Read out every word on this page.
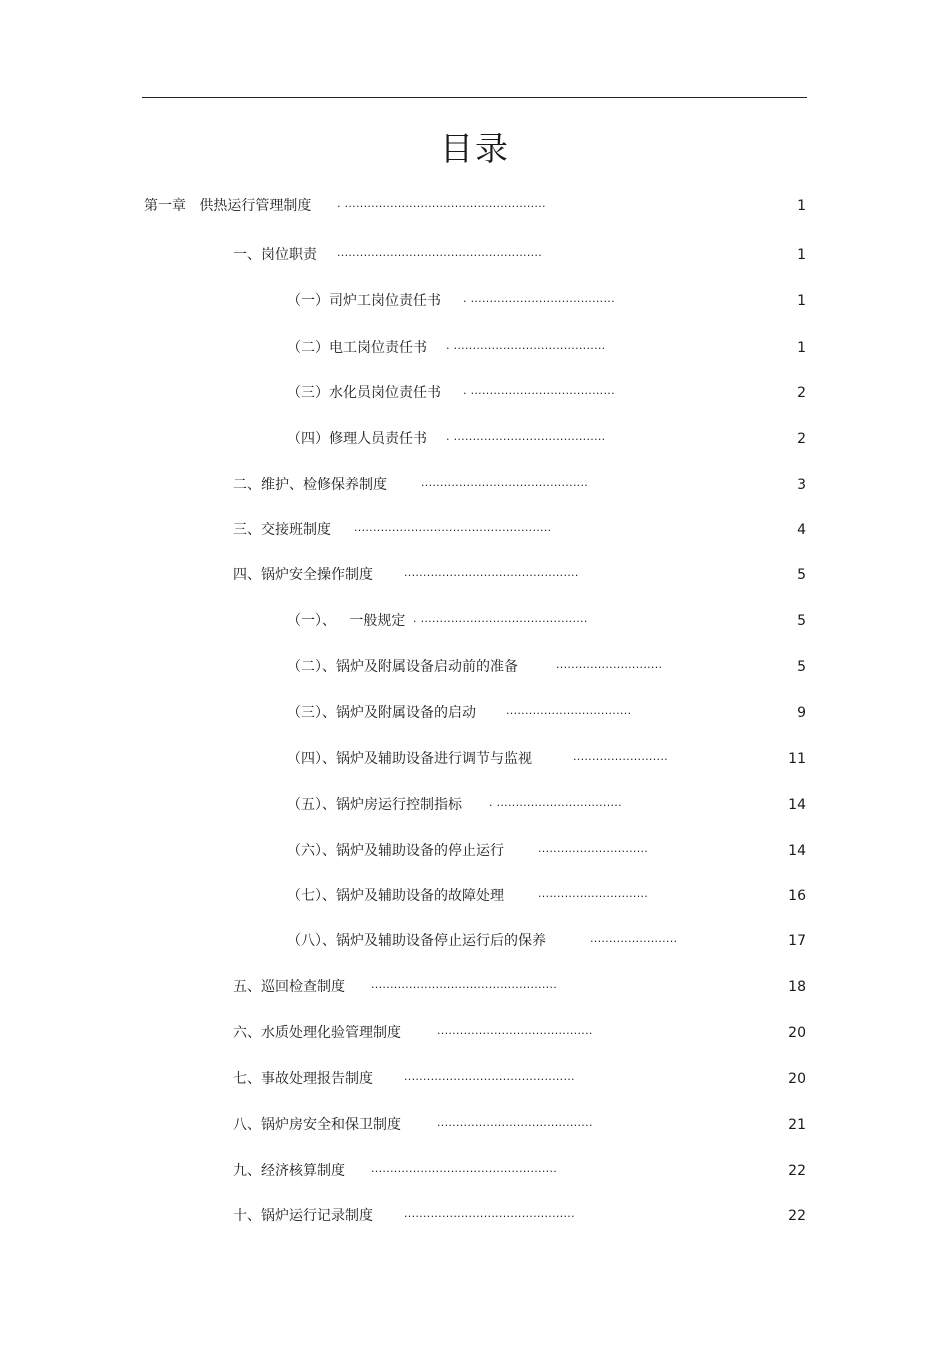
目录
第一章   供热运行管理制度 . .....................................................	1
一、岗位职责 ......................................................	1
（一）司炉工岗位责任书 . ......................................	1
（二）电工岗位责任书 . ........................................	1
（三）水化员岗位责任书 . ......................................	2
（四）修理人员责任书 . ........................................	2
二、维护、检修保养制度	............................................	3
三、交接班制度 ....................................................	4
四、锅炉安全操作制度	..............................................	5
（一）、   一般规定 . ............................................	5
（二）、锅炉及附属设备启动前的准备	............................	5
（三）、锅炉及附属设备的启动	.................................	9
（四）、锅炉及辅助设备进行调节与监视	.........................	11
（五）、锅炉房运行控制指标 . .................................	14
（六）、锅炉及辅助设备的停止运行	.............................	14
（七）、锅炉及辅助设备的故障处理	.............................	16
（八）、锅炉及辅助设备停止运行后的保养	.......................	17
五、巡回检查制度 .................................................	18
六、水质处理化验管理制度	.........................................	20
七、事故处理报告制度	.............................................	20
八、锅炉房安全和保卫制度	.........................................	21
九、经济核算制度 .................................................	22
十、锅炉运行记录制度	.............................................	22
